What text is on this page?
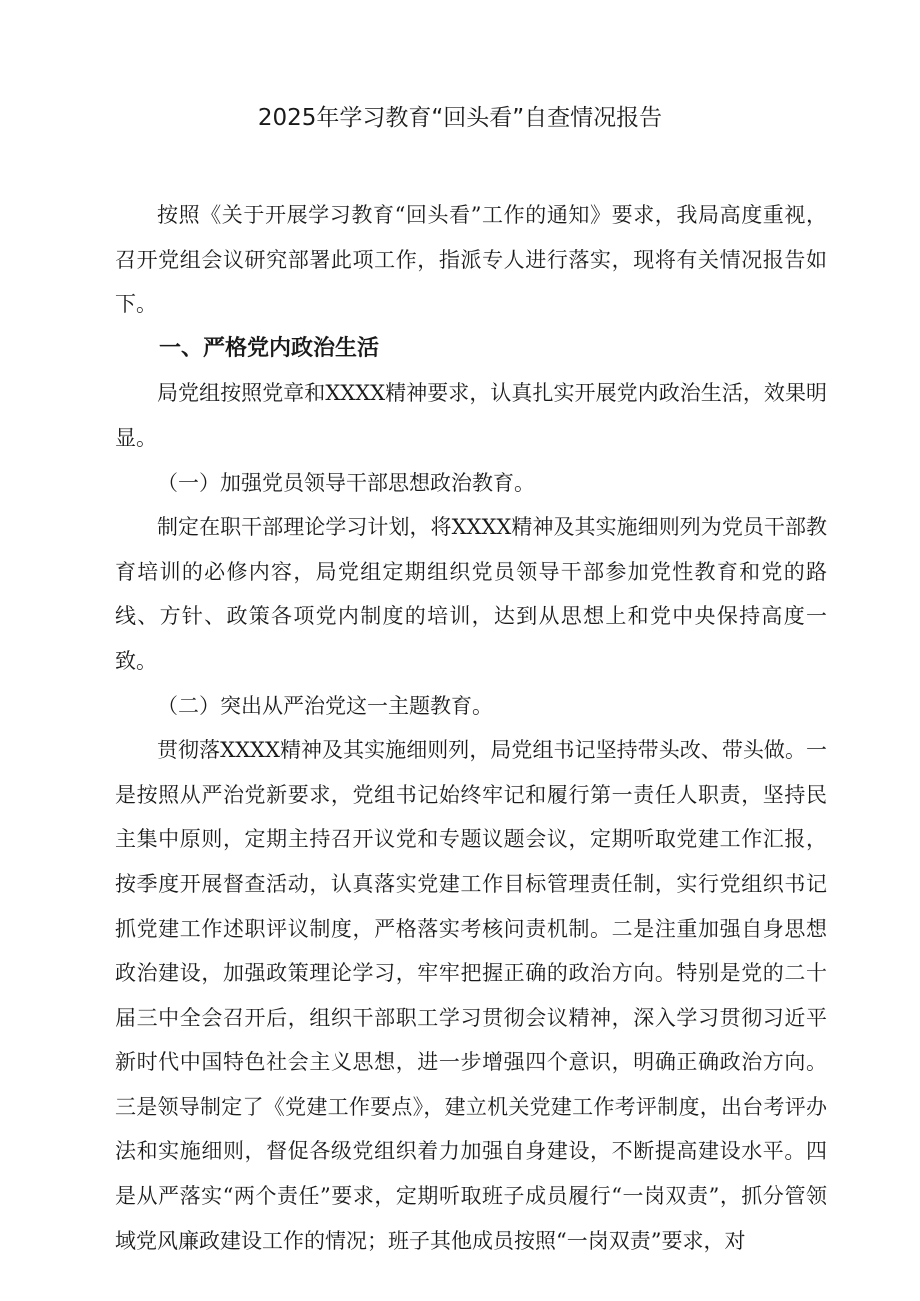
2025年学习教育“回头看”自查情况报告

按照《关于开展学习教育“回头看”工作的通知》要求，我局高度重视，召开党组会议研究部署此项工作，指派专人进行落实，现将有关情况报告如下。

一、严格党内政治生活

局党组按照党章和XXXX精神要求，认真扎实开展党内政治生活，效果明显。

（一）加强党员领导干部思想政治教育。

制定在职干部理论学习计划，将XXXX精神及其实施细则列为党员干部教育培训的必修内容，局党组定期组织党员领导干部参加党性教育和党的路线、方针、政策各项党内制度的培训，达到从思想上和党中央保持高度一致。

（二）突出从严治党这一主题教育。

贯彻落XXXX精神及其实施细则列，局党组书记坚持带头改、带头做。一是按照从严治党新要求，党组书记始终牢记和履行第一责任人职责，坚持民主集中原则，定期主持召开议党和专题议题会议，定期听取党建工作汇报，按季度开展督查活动，认真落实党建工作目标管理责任制，实行党组织书记抓党建工作述职评议制度，严格落实考核问责机制。二是注重加强自身思想政治建设，加强政策理论学习，牢牢把握正确的政治方向。特别是党的二十届三中全会召开后，组织干部职工学习贯彻会议精神，深入学习贯彻习近平新时代中国特色社会主义思想，进一步增强四个意识，明确正确政治方向。三是领导制定了《党建工作要点》，建立机关党建工作考评制度，出台考评办法和实施细则，督促各级党组织着力加强自身建设，不断提高建设水平。四是从严落实“两个责任”要求，定期听取班子成员履行“一岗双责”，抓分管领域党风廉政建设工作的情况；班子其他成员按照“一岗双责”要求，对
